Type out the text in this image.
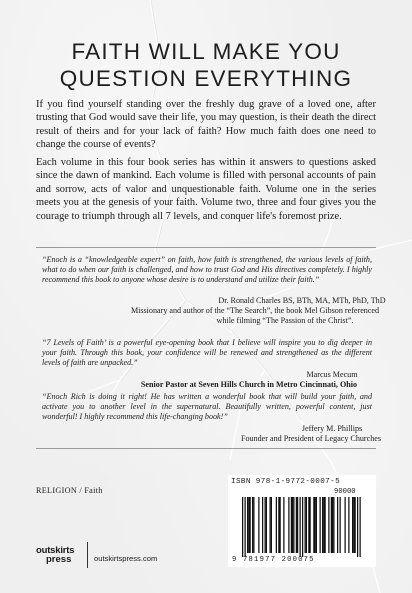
FAITH WILL MAKE YOU
QUESTION EVERYTHING

If you find yourself standing over the freshly dug grave of a loved one, after trusting that God would save their life, you may question, is their death the direct result of theirs and for your lack of faith? How much faith does one need to change the course of events?

Each volume in this four book series has within it answers to questions asked since the dawn of mankind. Each volume is filled with personal accounts of pain and sorrow, acts of valor and unquestionable faith. Volume one in the series meets you at the genesis of your faith. Volume two, three and four gives you the courage to triumph through all 7 levels, and conquer life's foremost prize.

“Enoch is a “knowledgeable expert” on faith, how faith is strengthened, the various levels of faith, what to do when our faith is challenged, and how to trust God and His directives completely. I highly recommend this book to anyone whose desire is to understand and utilize their faith.”

Dr. Ronald Charles BS, BTh, MA, MTh, PhD, ThD

Missionary and author of the “The Search”, the book Mel Gibson referenced

while filming “The Passion of the Christ”.

“7 Levels of Faith’ is a powerful eye-opening book that I believe will inspire you to dig deeper in your faith. Through this book, your confidence will be renewed and strengthened as the different levels of faith are unpacked.”

Marcus Mecum

Senior Pastor at Seven Hills Church in Metro Cincinnati, Ohio

“Enoch Rich is doing it right! He has written a wonderful book that will build your faith, and activate you to another level in the supernatural. Beautifully written, powerful content, just wonderful! I highly recommend this life-changing book!”

Jeffery M. Phillips

Founder and President of Legacy Churches

RELIGION / Faith
ISBN 978-1-9772-0007-5
90000
9 781977 200075
outskirts
press	outskirtspress.com
